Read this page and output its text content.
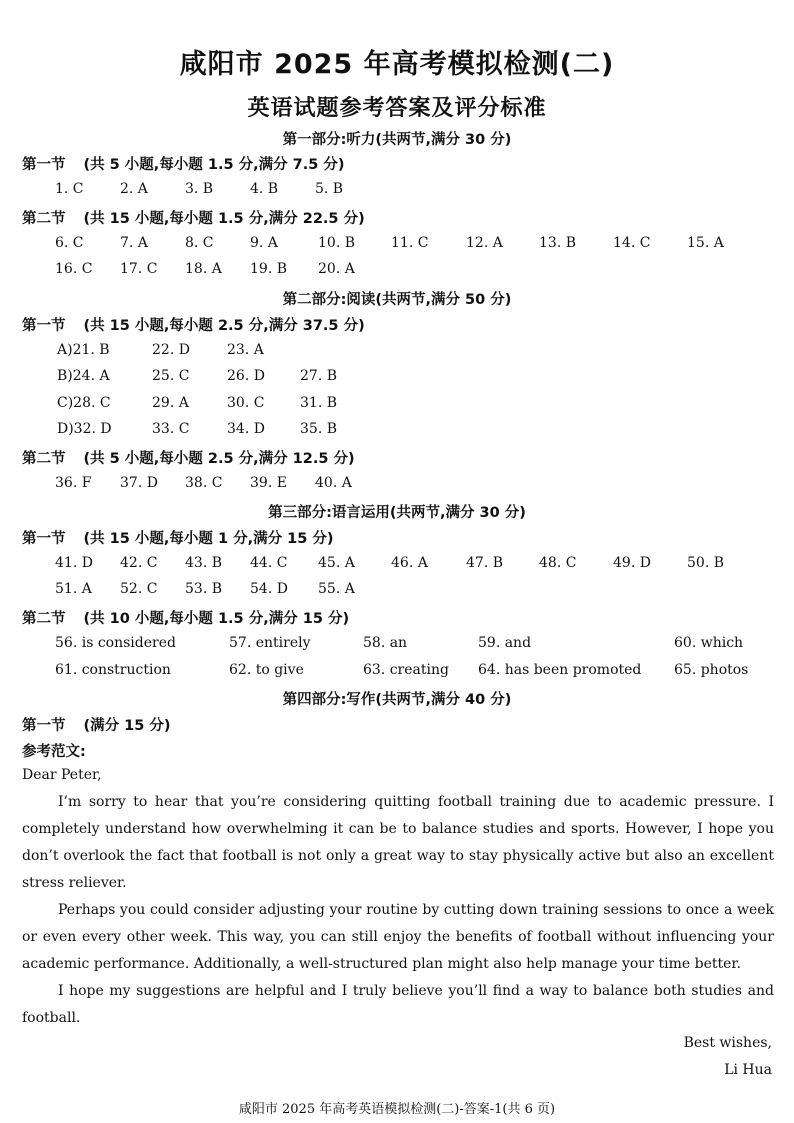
咸阳市 2025 年高考模拟检测(二)
英语试题参考答案及评分标准
第一部分:听力(共两节,满分 30 分)
第一节 (共 5 小题,每小题 1.5 分,满分 7.5 分)
1. C	2. A	3. B	4. B	5. B
第二节 (共 15 小题,每小题 1.5 分,满分 22.5 分)
6. C	7. A	8. C	9. A	10. B	11. C	12. A	13. B	14. C	15. A
16. C 17. C 18. A 19. B 20. A
第二部分:阅读(共两节,满分 50 分)
第一节 (共 15 小题,每小题 2.5 分,满分 37.5 分)
A)21. B	22. D	23. A
B)24. A	25. C	26. D	27. B
C)28. C	29. A	30. C	31. B
D)32. D	33. C	34. D	35. B
第二节 (共 5 小题,每小题 2.5 分,满分 12.5 分)
36. F 37. D 38. C 39. E 40. A
第三部分:语言运用(共两节,满分 30 分)
第一节 (共 15 小题,每小题 1 分,满分 15 分)
41. D 42. C 43. B 44. C 45. A	46. A	47. B	48. C	49. D	50. B
51. A 52. C 53. B 54. D 55. A
第二节 (共 10 小题,每小题 1.5 分,满分 15 分)
56. is considered	57. entirely	58. an	59. and	60. which
61. construction	62. to give	63. creating 64. has been promoted 65. photos
第四部分:写作(共两节,满分 40 分)
第一节 (满分 15 分)
参考范文:
Dear Peter,

I’m sorry to hear that you’re considering quitting football training due to academic pressure. I completely understand how overwhelming it can be to balance studies and sports. However, I hope you don’t overlook the fact that football is not only a great way to stay physically active but also an excellent stress reliever.

Perhaps you could consider adjusting your routine by cutting down training sessions to once a week or even every other week. This way, you can still enjoy the benefits of football without influencing your academic performance. Additionally, a well-structured plan might also help manage your time better.

I hope my suggestions are helpful and I truly believe you’ll find a way to balance both studies and football.

Best wishes,
Li Hua
咸阳市 2025 年高考英语模拟检测(二)-答案-1(共 6 页)
